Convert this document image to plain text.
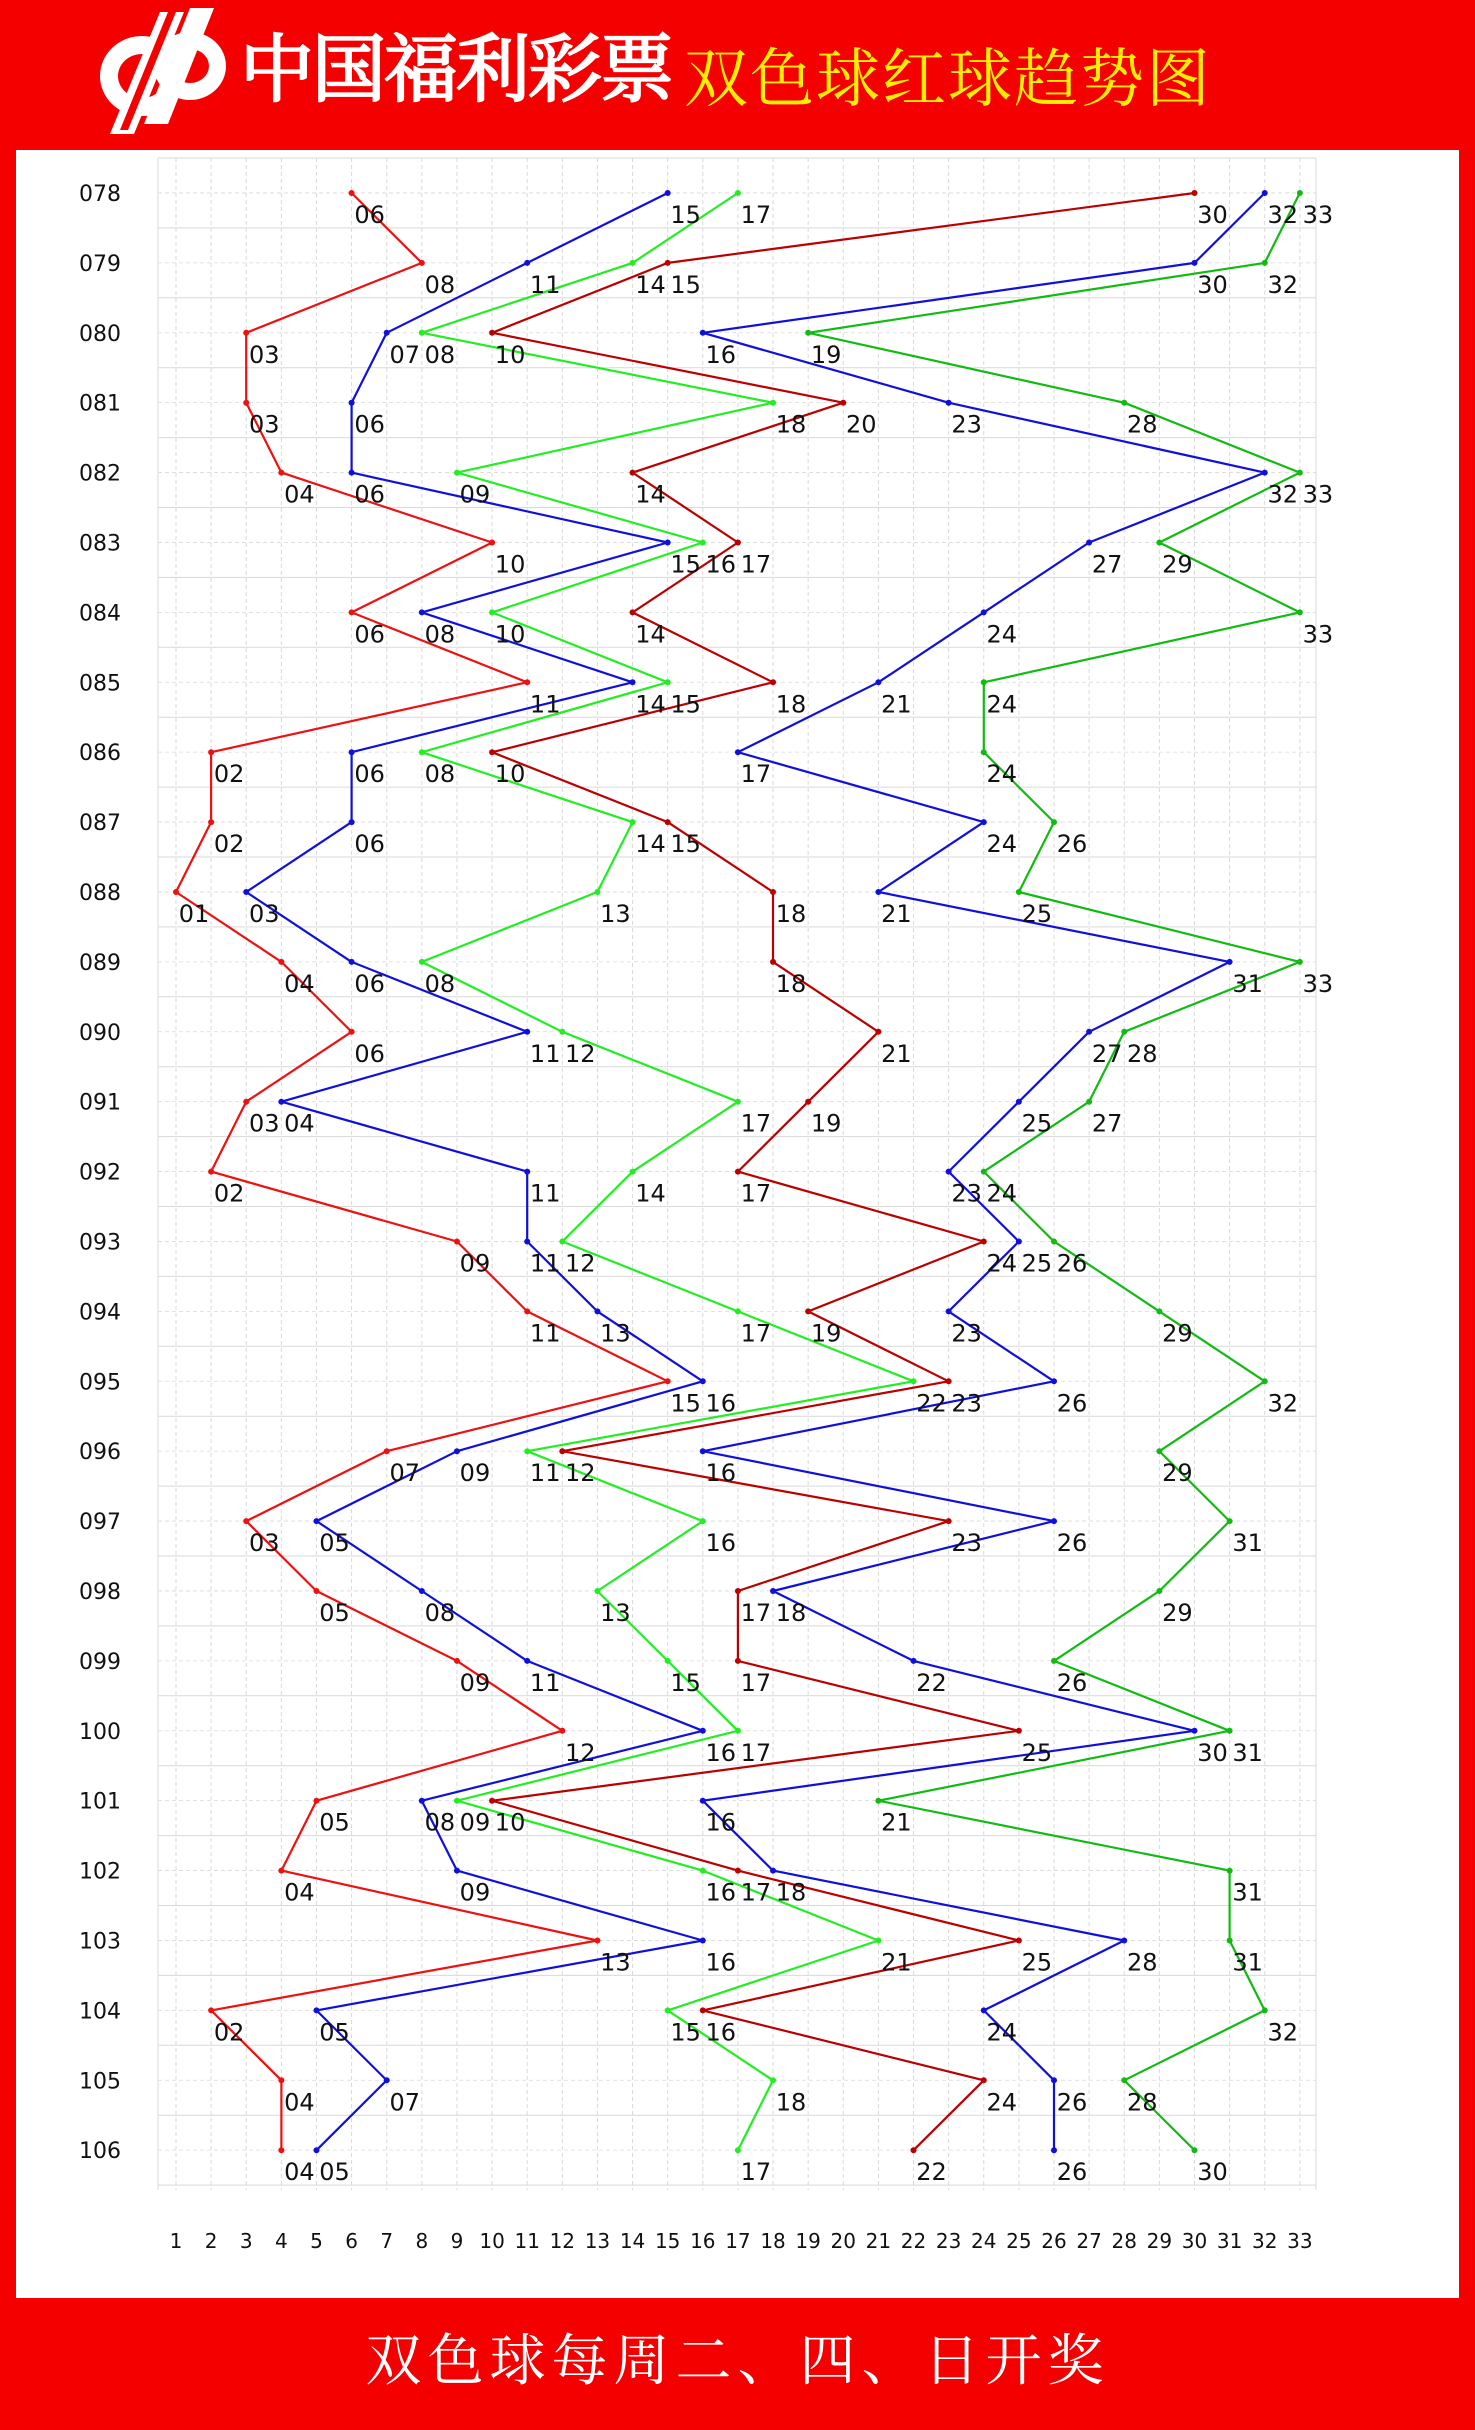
中国福利彩票 双色球红球趋势图
078
079
080
081
082
083
084
085
086
087
088
089
090
091
092
093
094
095
096
097
098
099
100
101
102
103
104
105
106
1 2 3 4 5 6 7 8 9 10 11 12 13 14 15 16 17 18 19 20 21 22 23 24 25 26 27 28 29 30 31 32 33
06
08
03
03
04
10
06
11
02
02
01
04
06
03
02
09
11
15
07
03
05
09
12
05
04
13
02
04
04
15
11
07
06
06
15
08
14
06
06
03
06
11
04
11
11
13
16
09
05
08
11
16
08
09
16
05
07
05
17
14
08
18
09
16
10
15
08
14
13
08
12
17
14
12
17
22
11
16
13
15
17
09
16
21
15
18
17
30
15
10
20
14
17
14
18
10
15
18
18
21
19
17
24
19
23
12
23
17
17
25
10
17
25
16
24
22
32
30
16
23
32
27
24
21
17
24
21
31
27
25
23
25
23
26
16
26
18
22
30
16
18
28
24
26
26
33
32
19
28
33
29
33
24
24
26
25
33
28
27
24
26
29
32
29
31
29
26
31
21
31
31
32
28
30
双色球每周二、四、日开奖
